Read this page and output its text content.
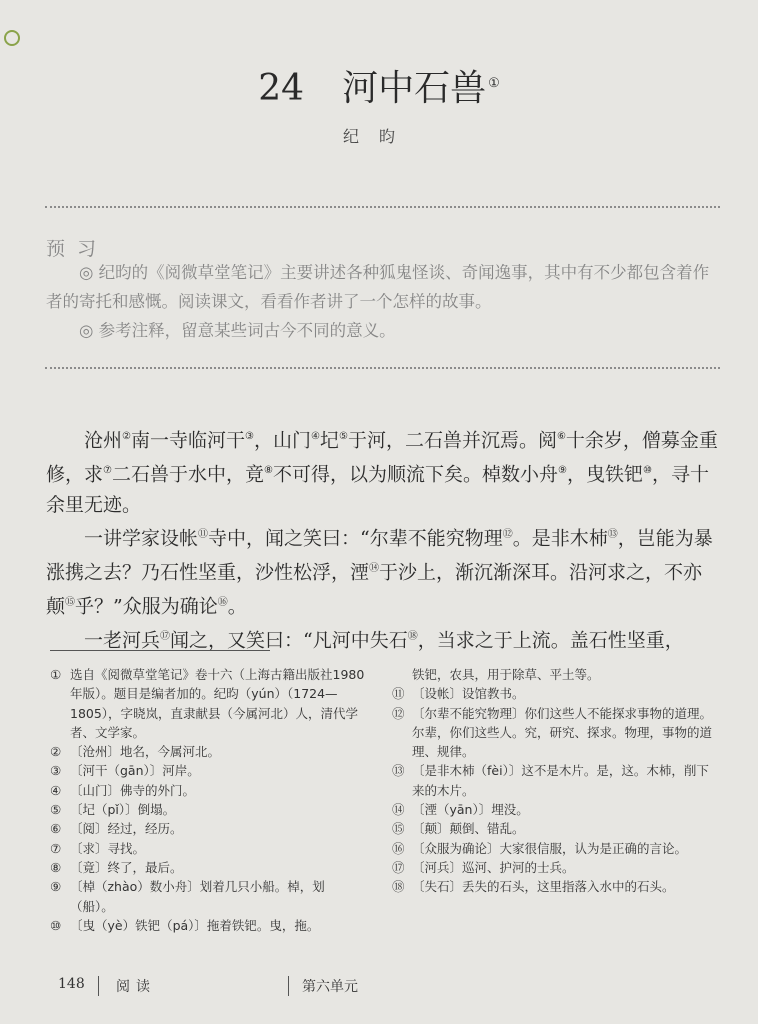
24 河中石兽 ①
纪昀
预习

◎ 纪昀的《阅微草堂笔记》主要讲述各种狐鬼怪谈、奇闻逸事，其中有不少都包含着作者的寄托和感慨。阅读课文，看看作者讲了一个怎样的故事。

◎ 参考注释，留意某些词古今不同的意义。

沧州②南一寺临河干③，山门④圮⑤于河，二石兽并沉焉。阅⑥十余岁，僧募金重修，求⑦二石兽于水中，竟⑧不可得，以为顺流下矣。棹数小舟⑨，曳铁钯⑩，寻十余里无迹。

一讲学家设帐⑪寺中，闻之笑曰：“尔辈不能究物理⑫。是非木杮⑬，岂能为暴涨携之去？乃石性坚重，沙性松浮，湮⑭于沙上，渐沉渐深耳。沿河求之，不亦颠⑮乎？”众服为确论⑯。

一老河兵⑰闻之，又笑曰：“凡河中失石⑱，当求之于上流。盖石性坚重，

① 选自《阅微草堂笔记》卷十六（上海古籍出版社1980年版）。题目是编者加的。纪昀（yún）（1724—1805），字晓岚，直隶献县（今属河北）人，清代学者、文学家。
② 〔沧州〕地名，今属河北。
③ 〔河干（gān）〕河岸。
④ 〔山门〕佛寺的外门。
⑤ 〔圮（pǐ）〕倒塌。
⑥ 〔阅〕经过，经历。
⑦ 〔求〕寻找。
⑧ 〔竟〕终了，最后。
⑨ 〔棹（zhào）数小舟〕划着几只小船。棹，划（船）。
⑩ 〔曳（yè）铁钯（pá）〕拖着铁钯。曳，拖。
铁钯，农具，用于除草、平土等。
⑪ 〔设帐〕设馆教书。
⑫ 〔尔辈不能究物理〕你们这些人不能探求事物的道理。尔辈，你们这些人。究，研究、探求。物理，事物的道理、规律。
⑬ 〔是非木杮（fèi）〕这不是木片。是，这。木杮，削下来的木片。
⑭ 〔湮（yān）〕埋没。
⑮ 〔颠〕颠倒、错乱。
⑯ 〔众服为确论〕大家很信服，认为是正确的言论。
⑰ 〔河兵〕巡河、护河的士兵。
⑱ 〔失石〕丢失的石头，这里指落入水中的石头。
148 阅读	第六单元
